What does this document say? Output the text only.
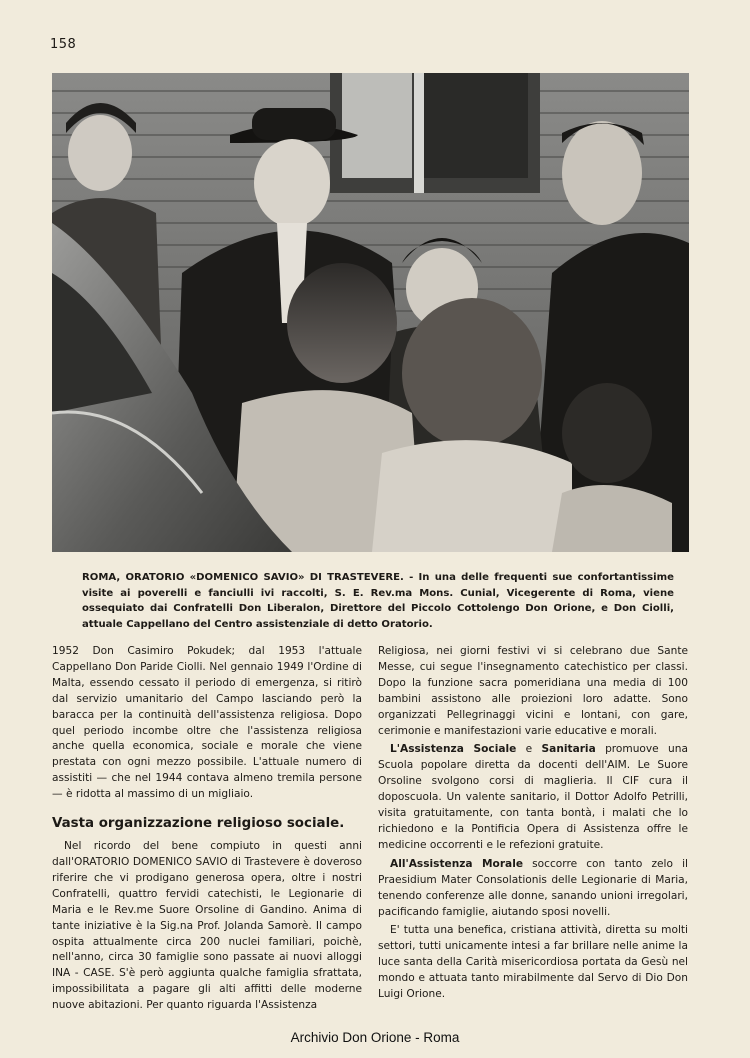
158
ROMA, ORATORIO «DOMENICO SAVIO» DI TRASTEVERE. - In una delle frequenti sue confortantissime visite ai poverelli e fanciulli ivi raccolti, S. E. Rev.ma Mons. Cunial, Vicegerente di Roma, viene ossequiato dai Confratelli Don Liberalon, Direttore del Piccolo Cottolengo Don Orione, e Don Ciolli, attuale Cappellano del Centro assistenziale di detto Oratorio.

1952 Don Casimiro Pokudek; dal 1953 l'attuale Cappellano Don Paride Ciolli. Nel gennaio 1949 l'Ordine di Malta, essendo cessato il periodo di emergenza, si ritirò dal servizio umanitario del Campo lasciando però la baracca per la continuità dell'assistenza religiosa. Dopo quel periodo incombe oltre che l'assistenza religiosa anche quella economica, sociale e morale che viene prestata con ogni mezzo possibile. L'attuale numero di assistiti — che nel 1944 contava almeno tremila persone — è ridotta al massimo di un migliaio.

Vasta organizzazione religioso sociale.

Nel ricordo del bene compiuto in questi anni dall'ORATORIO DOMENICO SAVIO di Trastevere è doveroso riferire che vi prodigano generosa opera, oltre i nostri Confratelli, quattro fervidi catechisti, le Legionarie di Maria e le Rev.me Suore Orsoline di Gandino. Anima di tante iniziative è la Sig.na Prof. Jolanda Samorè. Il campo ospita attualmente circa 200 nuclei familiari, poichè, nell'anno, circa 30 famiglie sono passate ai nuovi alloggi INA - CASE. S'è però aggiunta qualche famiglia sfrattata, impossibilitata a pagare gli alti affitti delle moderne nuove abitazioni. Per quanto riguarda l'Assistenza

Religiosa, nei giorni festivi vi si celebrano due Sante Messe, cui segue l'insegnamento catechistico per classi. Dopo la funzione sacra pomeridiana una media di 100 bambini assistono alle proiezioni loro adatte. Sono organizzati Pellegrinaggi vicini e lontani, con gare, cerimonie e manifestazioni varie educative e morali.

L'Assistenza Sociale e Sanitaria promuove una Scuola popolare diretta da docenti dell'AIM. Le Suore Orsoline svolgono corsi di maglieria. Il CIF cura il doposcuola. Un valente sanitario, il Dottor Adolfo Petrilli, visita gratuitamente, con tanta bontà, i malati che lo richiedono e la Pontificia Opera di Assistenza offre le medicine occorrenti e le refezioni gratuite.

All'Assistenza Morale soccorre con tanto zelo il Praesidium Mater Consolationis delle Legionarie di Maria, tenendo conferenze alle donne, sanando unioni irregolari, pacificando famiglie, aiutando sposi novelli.

E' tutta una benefica, cristiana attività, diretta su molti settori, tutti unicamente intesi a far brillare nelle anime la luce santa della Carità misericordiosa portata da Gesù nel mondo e attuata tanto mirabilmente dal Servo di Dio Don Luigi Orione.

Archivio Don Orione - Roma
